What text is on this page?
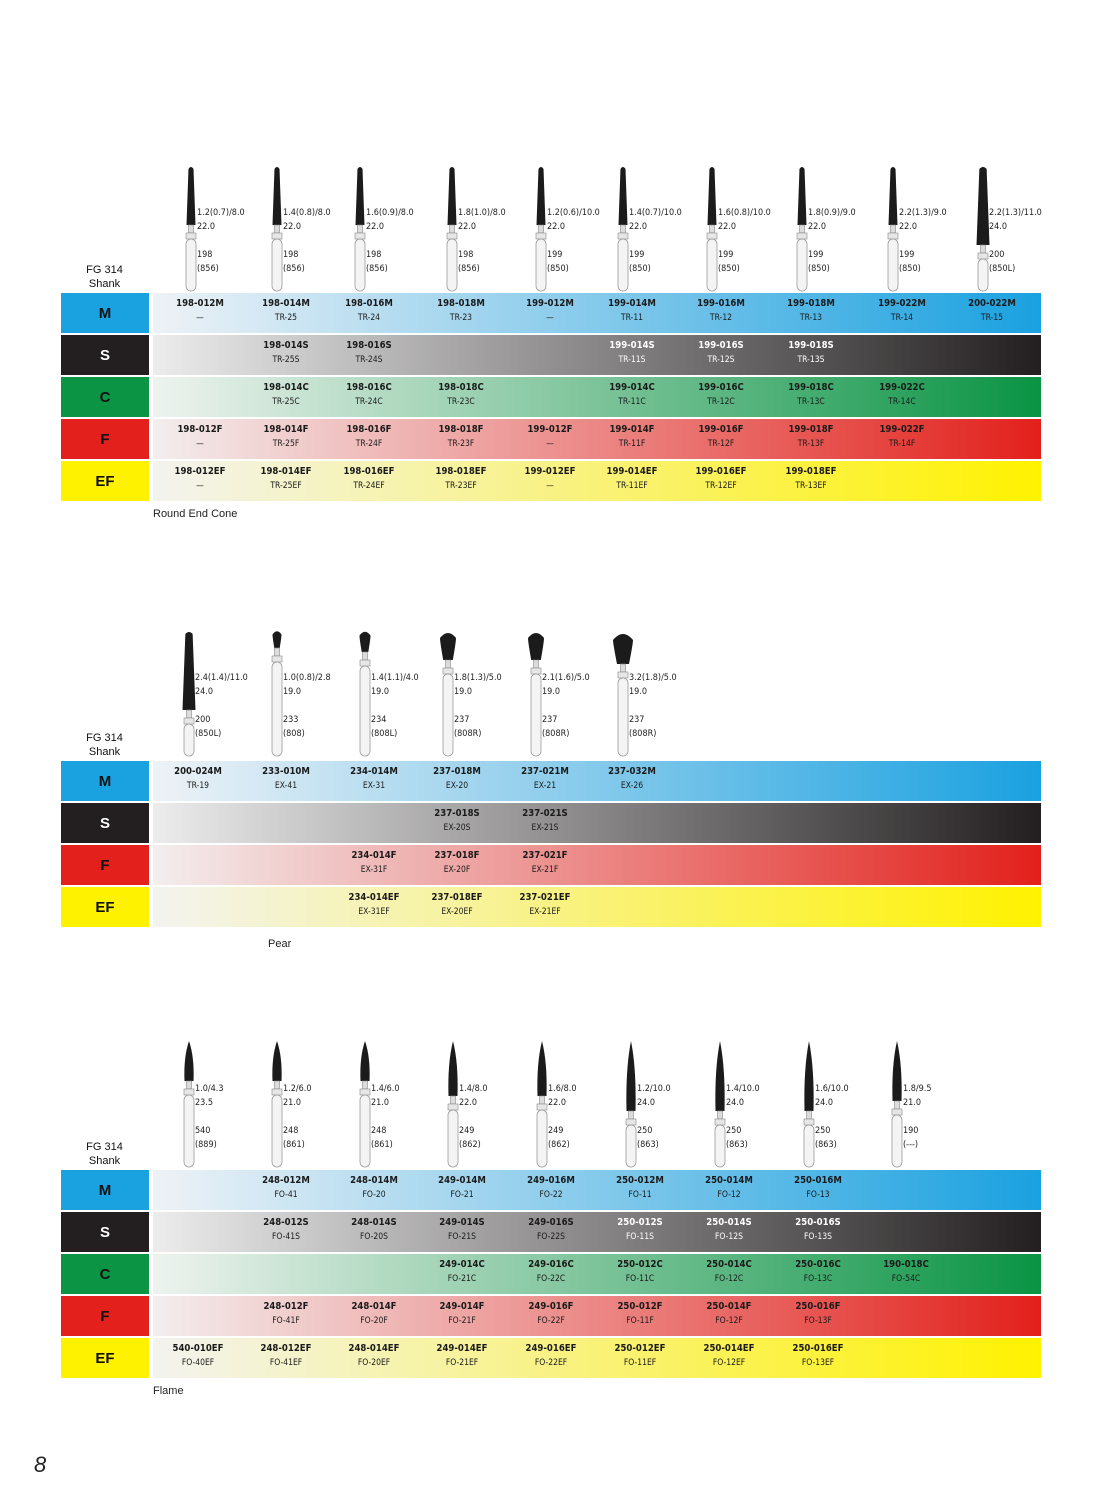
1.2(0.7)/8.0
22.0

198
(856)
1.4(0.8)/8.0
22.0

198
(856)
1.6(0.9)/8.0
22.0

198
(856)
1.8(1.0)/8.0
22.0

198
(856)
1.2(0.6)/10.0
22.0

199
(850)
1.4(0.7)/10.0
22.0

199
(850)
1.6(0.8)/10.0
22.0

199
(850)
1.8(0.9)/9.0
22.0

199
(850)
2.2(1.3)/9.0
22.0

199
(850)
2.2(1.3)/11.0
24.0

200
(850L)
FG 314
Shank
M
198-012M
—
198-014M
TR-25
198-016M
TR-24
198-018M
TR-23
199-012M
—
199-014M
TR-11
199-016M
TR-12
199-018M
TR-13
199-022M
TR-14
200-022M
TR-15
S
198-014S
TR-25S
198-016S
TR-24S
199-014S
TR-11S
199-016S
TR-12S
199-018S
TR-13S
C
198-014C
TR-25C
198-016C
TR-24C
198-018C
TR-23C
199-014C
TR-11C
199-016C
TR-12C
199-018C
TR-13C
199-022C
TR-14C
F
198-012F
—
198-014F
TR-25F
198-016F
TR-24F
198-018F
TR-23F
199-012F
—
199-014F
TR-11F
199-016F
TR-12F
199-018F
TR-13F
199-022F
TR-14F
EF
198-012EF
—
198-014EF
TR-25EF
198-016EF
TR-24EF
198-018EF
TR-23EF
199-012EF
—
199-014EF
TR-11EF
199-016EF
TR-12EF
199-018EF
TR-13EF
Round End Cone
2.4(1.4)/11.0
24.0

200
(850L)
1.0(0.8)/2.8
19.0

233
(808)
1.4(1.1)/4.0
19.0

234
(808L)
1.8(1.3)/5.0
19.0

237
(808R)
2.1(1.6)/5.0
19.0

237
(808R)
3.2(1.8)/5.0
19.0

237
(808R)
FG 314
Shank
M
200-024M
TR-19
233-010M
EX-41
234-014M
EX-31
237-018M
EX-20
237-021M
EX-21
237-032M
EX-26
S
237-018S
EX-20S
237-021S
EX-21S
F
234-014F
EX-31F
237-018F
EX-20F
237-021F
EX-21F
EF
234-014EF
EX-31EF
237-018EF
EX-20EF
237-021EF
EX-21EF
Pear
1.0/4.3
23.5

540
(889)
1.2/6.0
21.0

248
(861)
1.4/6.0
21.0

248
(861)
1.4/8.0
22.0

249
(862)
1.6/8.0
22.0

249
(862)
1.2/10.0
24.0

250
(863)
1.4/10.0
24.0

250
(863)
1.6/10.0
24.0

250
(863)
1.8/9.5
21.0

190
(---)
FG 314
Shank
M
248-012M
FO-41
248-014M
FO-20
249-014M
FO-21
249-016M
FO-22
250-012M
FO-11
250-014M
FO-12
250-016M
FO-13
S
248-012S
FO-41S
248-014S
FO-20S
249-014S
FO-21S
249-016S
FO-22S
250-012S
FO-11S
250-014S
FO-12S
250-016S
FO-13S
C
249-014C
FO-21C
249-016C
FO-22C
250-012C
FO-11C
250-014C
FO-12C
250-016C
FO-13C
190-018C
FO-54C
F
248-012F
FO-41F
248-014F
FO-20F
249-014F
FO-21F
249-016F
FO-22F
250-012F
FO-11F
250-014F
FO-12F
250-016F
FO-13F
EF
540-010EF
FO-40EF
248-012EF
FO-41EF
248-014EF
FO-20EF
249-014EF
FO-21EF
249-016EF
FO-22EF
250-012EF
FO-11EF
250-014EF
FO-12EF
250-016EF
FO-13EF
Flame
8
